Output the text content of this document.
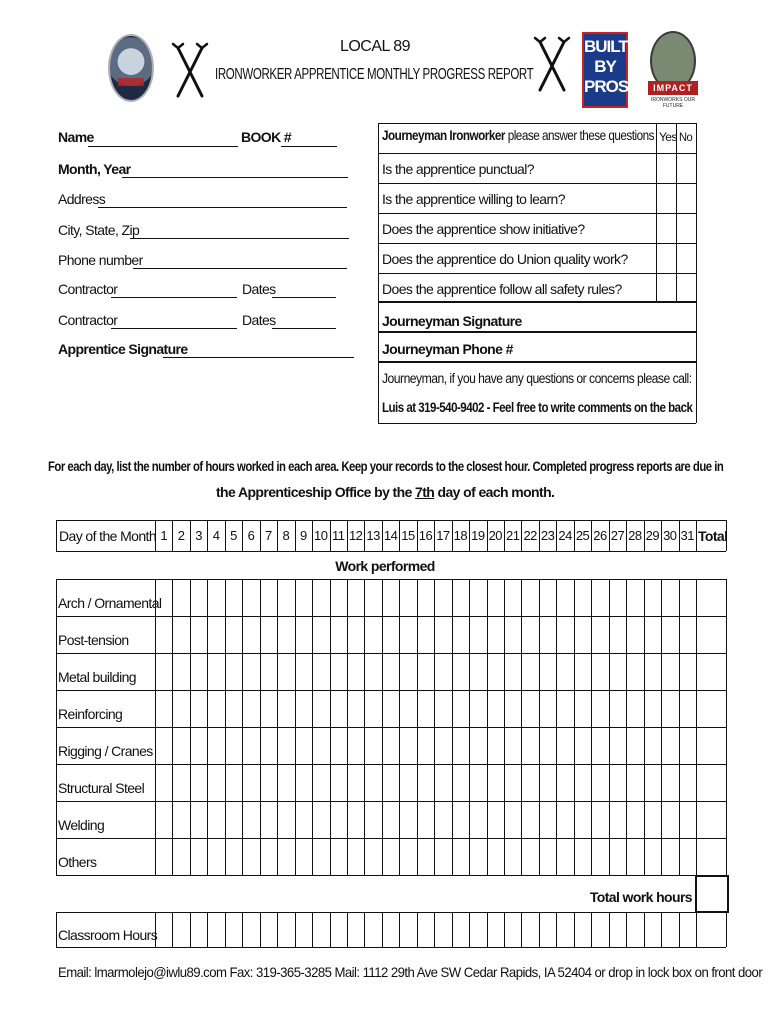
LOCAL 89
IRONWORKER APPRENTICE MONTHLY PROGRESS REPORT
BUILT
BY
PROS	IMPACT
IRONWORKS OUR FUTURE
Name	BOOK #
Month, Year
Address
City, State, Zip
Phone number
Contractor	Dates
Contractor	Dates
Apprentice Signature
Journeyman Ironworker please answer these questions Yes No
Is the apprentice punctual?
Is the apprentice willing to learn?
Does the apprentice show initiative?
Does the apprentice do Union quality work?
Does the apprentice follow all safety rules?
Journeyman Signature
Journeyman Phone #
Journeyman, if you have any questions or concerns please call:
Luis at 319-540-9402 - Feel free to write comments on the back
For each day, list the number of hours worked in each area. Keep your records to the closest hour. Completed progress reports are due in
the Apprenticeship Office by the 7th day of each month.
Day of the Month 1 2 3 4 5 6 7 8 9 10 11 12 13 14 15 16 17 18 19 20 21 22 23 24 25 26 27 28 29 30 31 Total
Work performed
Arch / Ornamental
Post-tension
Metal building
Reinforcing
Rigging / Cranes
Structural Steel
Welding
Others
Total work hours
Classroom Hours
Email: lmarmolejo@iwlu89.com Fax: 319-365-3285 Mail: 1112 29th Ave SW Cedar Rapids, IA 52404 or drop in lock box on front door
